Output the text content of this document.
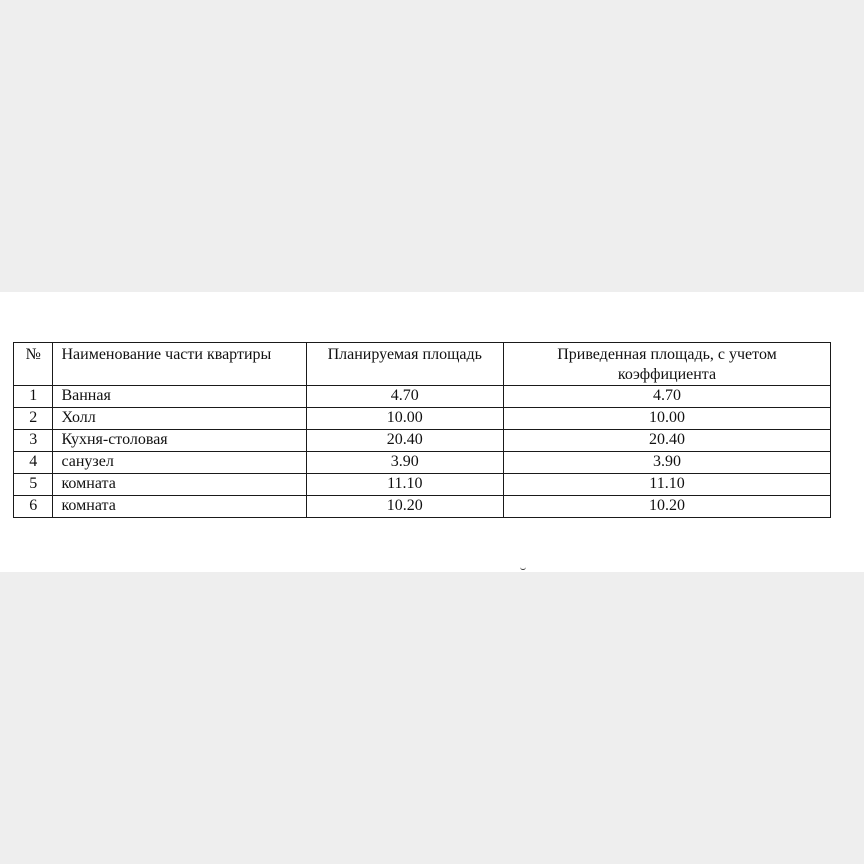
№	Наименование части квартиры	Планируемая площадь	Приведенная площадь, с учетом коэффициента
1	Ванная	4.70	4.70
2	Холл	10.00	10.00
3	Кухня-столовая	20.40	20.40
4	санузел	3.90	3.90
5	комната	11.10	11.10
6	комната	10.20	10.20
